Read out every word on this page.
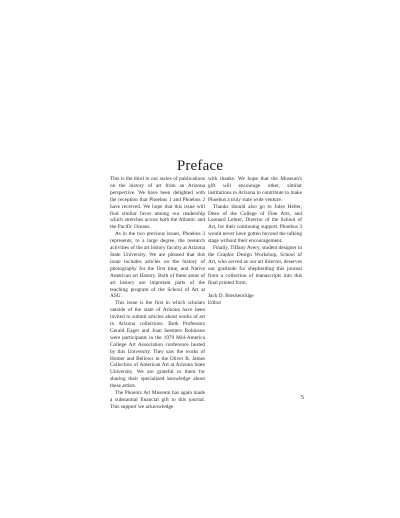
Preface

This is the third in our series of publications on the history of art from an Arizona perspective. We have been delighted with the reception that Phoebus 1 and Phoebus 2 have received. We hope that this issue will find similar favor among our readership which stretches across both the Atlantic and the Pacific Oceans.

As in the two previous issues, Phoebus 3 represents, to a large degree, the research activities of the art history faculty at Arizona State University. We are pleased that this issue includes articles on the history of photography for the first time, and Native American art History. Both of these areas of art history are important parts of the teaching program of the School of Art at ASU.

This issue is the first in which scholars outside of the state of Arizona have been invited to submit articles about works of art in Arizona collections. Both Professors Gerald Eager and Joan Seemers Robinson were participants in the 1979 Mid-America College Art Association conference hosted by this University. They saw the works of Homer and Bellows in the Oliver B. James Collection of American Art at Arizona State University. We are grateful to them for sharing their specialized knowledge about these artists.

The Phoenix Art Museum has again made a substantial financial gift to this journal. This support we acknowledge

with thanks. We hope that the Museum's gift will encourage other, similar institutions in Arizona to contribute to make Phoebus a truly state wide venture.

Thanks should also go to Jules Heller, Dean of the College of Fine Arts, and Leonard Lehrer, Director of the School of Art, for their continuing support. Phoebus 3 would never have gotten beyond the talking stage without their encouragement.

Finally, Tiffany Avery, student designer in the Graphic Design Workshop, School of Art, who served as our art director, deserves our gratitude for shepherding this journal from a collection of manuscripts into this final printed form.

Jack D. Breckenridge
Editor

5
